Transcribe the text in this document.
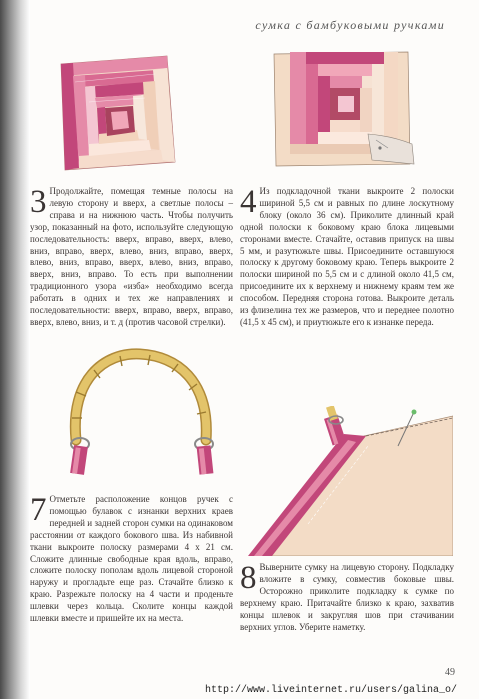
сумка с бамбуковыми ручками
3 Продолжайте, помещая темные полосы на левую сторону и вверх, а светлые полосы – справа и на нижнюю часть. Чтобы получить узор, показанный на фото, используйте следующую последовательность: вверх, вправо, вверх, влево, вниз, вправо, вверх, влево, вниз, вправо, вверх, влево, вниз, вправо, вверх, влево, вниз, вправо, вверх, вниз, вправо. То есть при выполнении традиционного узора «изба» необходимо всегда работать в одних и тех же направлениях и последовательности: вверх, вправо, вверх, вправо, вверх, влево, вниз, и т. д (против часовой стрелки).
4 Из подкладочной ткани выкроите 2 полоски шириной 5,5 см и равных по длине лоскутному блоку (около 36 см). Приколите длинный край одной полоски к боковому краю блока лицевыми сторонами вместе. Стачайте, оставив припуск на швы 5 мм, и разутюжьте швы. Присоедините оставшуюся полоску к другому боковому краю. Теперь выкроите 2 полоски шириной по 5,5 см и с длиной около 41,5 см, присоедините их к верхнему и нижнему краям тем же способом. Передняя сторона готова. Выкроите деталь из флизелина тех же размеров, что и переднее полотно (41,5 х 45 см), и приутюжьте его к изнанке переда.
7 Отметьте расположение концов ручек с помощью булавок с изнанки верхних краев передней и задней сторон сумки на одинаковом расстоянии от каждого бокового шва. Из набивной ткани выкроите полоску размерами 4 х 21 см. Сложите длинные свободные края вдоль, вправо, сложите полоску пополам вдоль лицевой стороной наружу и прогладьте еще раз. Стачайте близко к краю. Разрежьте полоску на 4 части и проденьте шлевки через кольца. Сколите концы каждой шлевки вместе и пришейте их на места.
8 Выверните сумку на лицевую сторону. Подкладку вложите в сумку, совместив боковые швы. Осторожно приколите подкладку к сумке по верхнему краю. Притачайте близко к краю, захватив концы шлевок и закругляя шов при стачивании верхних углов. Уберите наметку.
49
http://www.liveinternet.ru/users/galina_o/
